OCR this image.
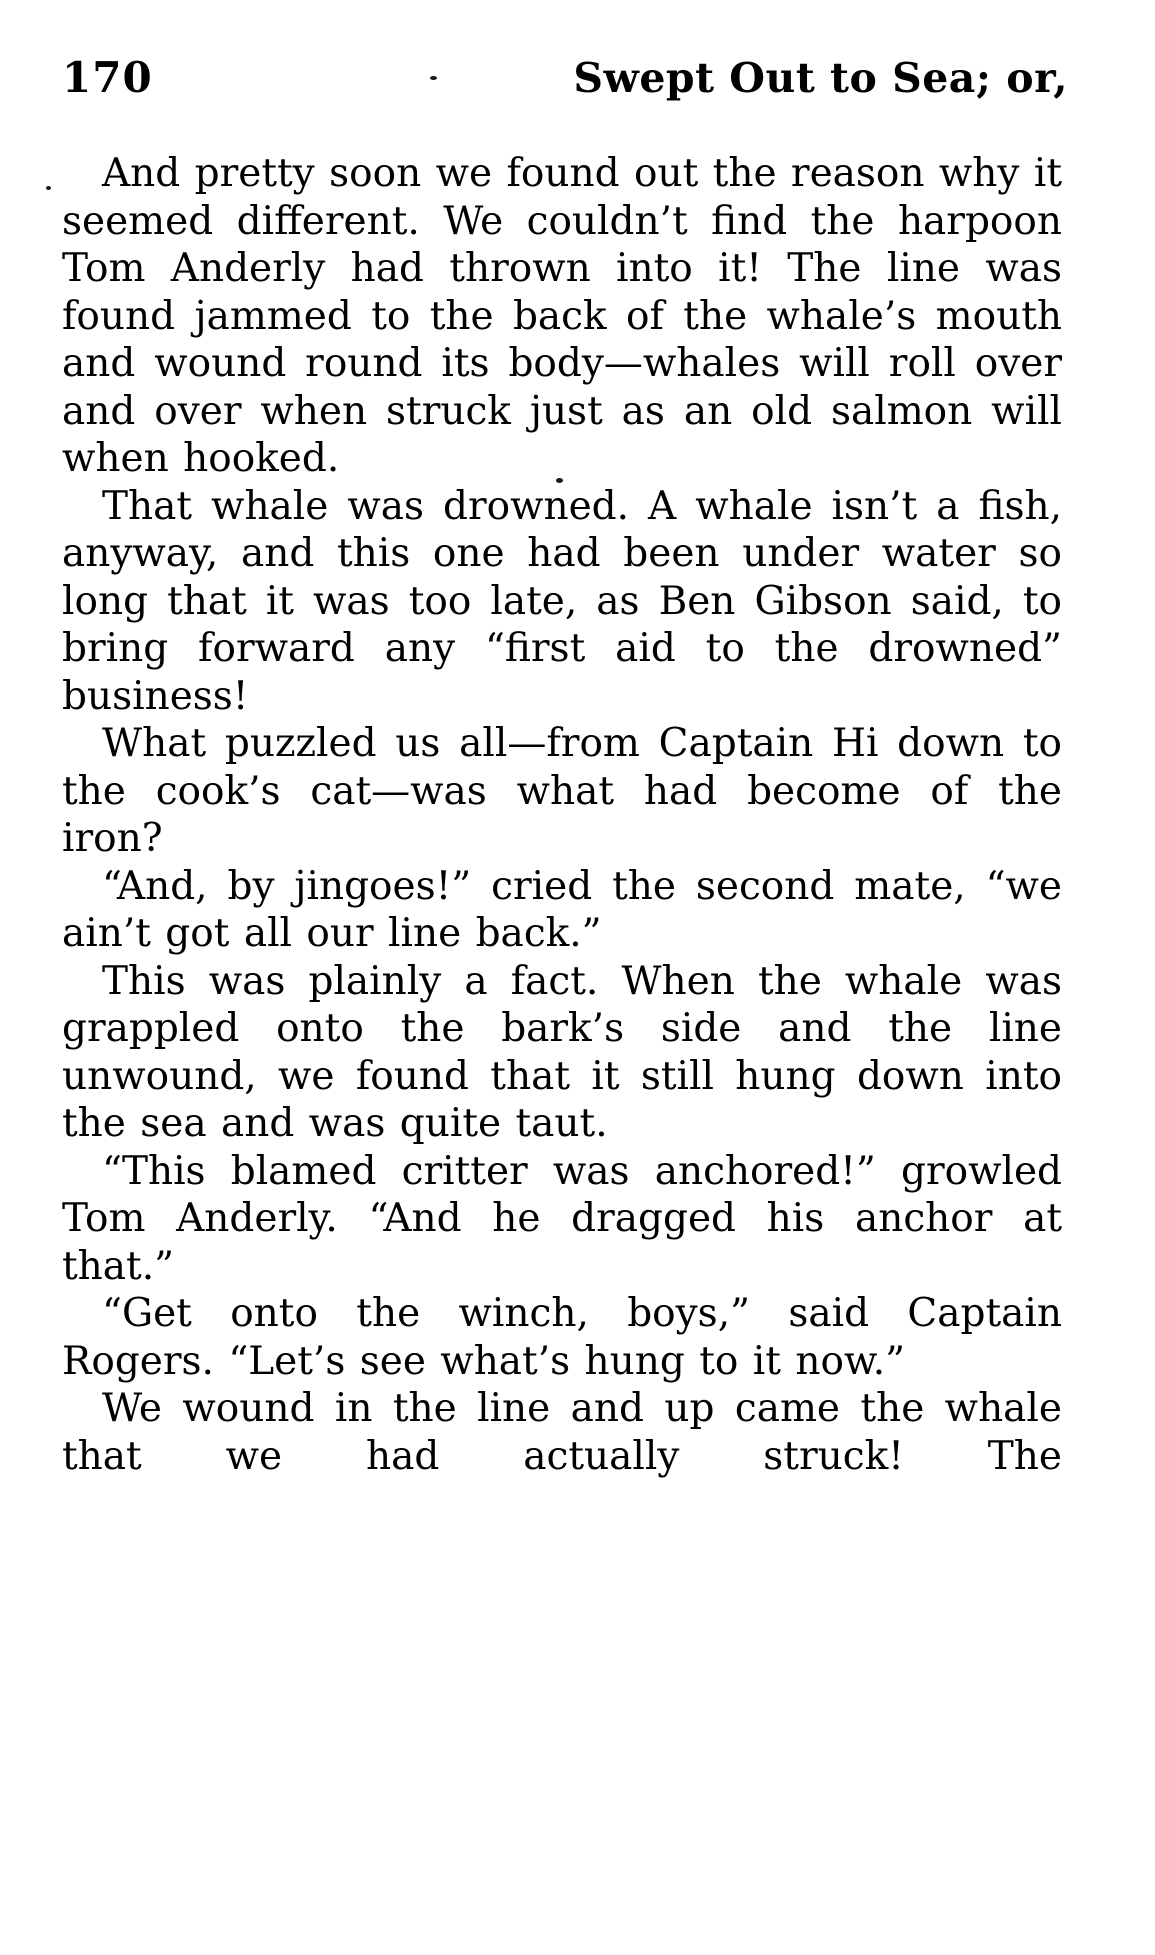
170	Swept Out to Sea; or,

And pretty soon we found out the reason why it seemed different. We couldn’t find the harpoon Tom Anderly had thrown into it! The line was found jammed to the back of the whale’s mouth and wound round its body—whales will roll over and over when struck just as an old salmon will when hooked.

That whale was drowned. A whale isn’t a fish, anyway, and this one had been under water so long that it was too late, as Ben Gibson said, to bring forward any “first aid to the drowned” business!

What puzzled us all—from Captain Hi down to the cook’s cat—was what had become of the iron?

“And, by jingoes!” cried the second mate, “we ain’t got all our line back.”

This was plainly a fact. When the whale was grappled onto the bark’s side and the line unwound, we found that it still hung down into the sea and was quite taut.

“This blamed critter was anchored!” growled Tom Anderly. “And he dragged his anchor at that.”

“Get onto the winch, boys,” said Captain Rogers. “Let’s see what’s hung to it now.”

We wound in the line and up came the whale that we had actually struck! The
